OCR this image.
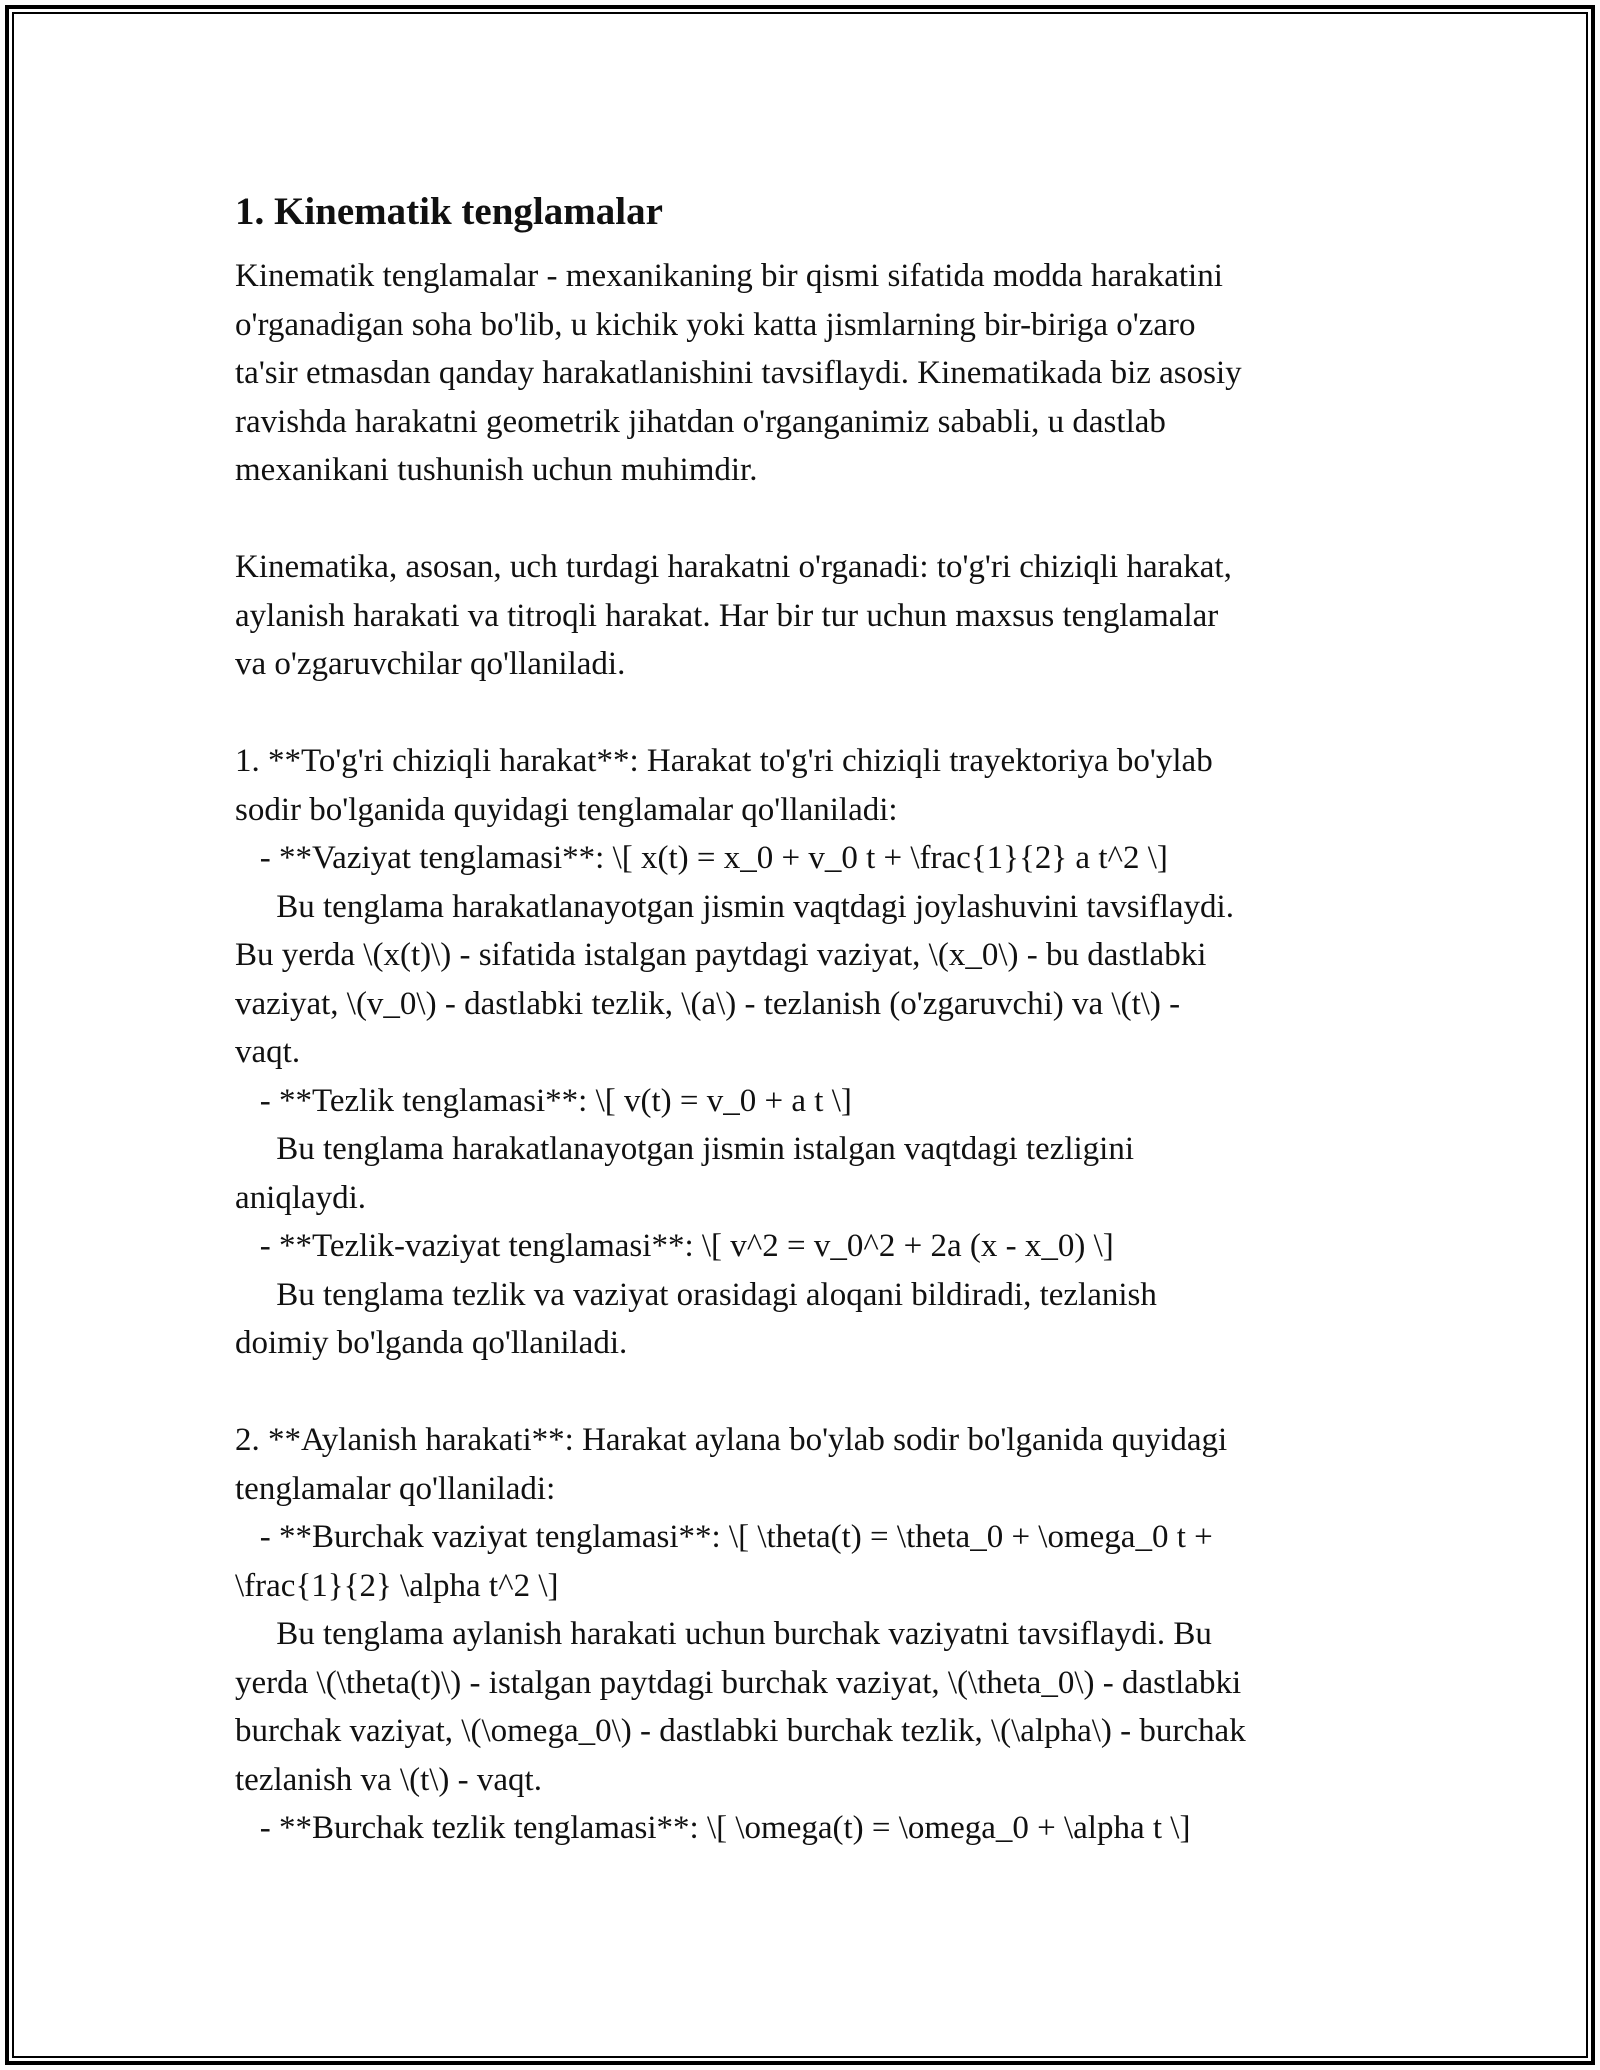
1. Kinematik tenglamalar
Kinematik tenglamalar - mexanikaning bir qismi sifatida modda harakatini
o'rganadigan soha bo'lib, u kichik yoki katta jismlarning bir-biriga o'zaro
ta'sir etmasdan qanday harakatlanishini tavsiflaydi. Kinematikada biz asosiy
ravishda harakatni geometrik jihatdan o'rganganimiz sababli, u dastlab
mexanikani tushunish uchun muhimdir.
Kinematika, asosan, uch turdagi harakatni o'rganadi: to'g'ri chiziqli harakat,
aylanish harakati va titroqli harakat. Har bir tur uchun maxsus tenglamalar
va o'zgaruvchilar qo'llaniladi.
1. **To'g'ri chiziqli harakat**: Harakat to'g'ri chiziqli trayektoriya bo'ylab
sodir bo'lganida quyidagi tenglamalar qo'llaniladi:
- **Vaziyat tenglamasi**: \[ x(t) = x_0 + v_0 t + \frac{1}{2} a t^2 \]
Bu tenglama harakatlanayotgan jismin vaqtdagi joylashuvini tavsiflaydi.
Bu yerda \(x(t)\) - sifatida istalgan paytdagi vaziyat, \(x_0\) - bu dastlabki
vaziyat, \(v_0\) - dastlabki tezlik, \(a\) - tezlanish (o'zgaruvchi) va \(t\) -
vaqt.
- **Tezlik tenglamasi**: \[ v(t) = v_0 + a t \]
Bu tenglama harakatlanayotgan jismin istalgan vaqtdagi tezligini
aniqlaydi.
- **Tezlik-vaziyat tenglamasi**: \[ v^2 = v_0^2 + 2a (x - x_0) \]
Bu tenglama tezlik va vaziyat orasidagi aloqani bildiradi, tezlanish
doimiy bo'lganda qo'llaniladi.
2. **Aylanish harakati**: Harakat aylana bo'ylab sodir bo'lganida quyidagi
tenglamalar qo'llaniladi:
- **Burchak vaziyat tenglamasi**: \[ \theta(t) = \theta_0 + \omega_0 t +
\frac{1}{2} \alpha t^2 \]
Bu tenglama aylanish harakati uchun burchak vaziyatni tavsiflaydi. Bu
yerda \(\theta(t)\) - istalgan paytdagi burchak vaziyat, \(\theta_0\) - dastlabki
burchak vaziyat, \(\omega_0\) - dastlabki burchak tezlik, \(\alpha\) - burchak
tezlanish va \(t\) - vaqt.
- **Burchak tezlik tenglamasi**: \[ \omega(t) = \omega_0 + \alpha t \]
